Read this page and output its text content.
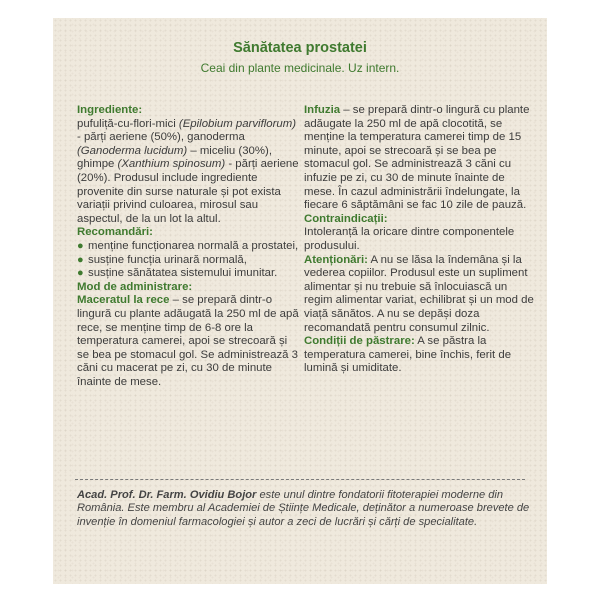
Sănătatea prostatei
Ceai din plante medicinale. Uz intern.

Ingrediente:
pufuliță-cu-flori-mici (Epilobium parviflorum) - părți aeriene (50%), ganoderma (Ganoderma lucidum) – miceliu (30%), ghimpe (Xanthium spinosum) - părți aeriene (20%). Produsul include ingrediente provenite din surse naturale și pot exista variații privind culoarea, mirosul sau aspectul, de la un lot la altul.

Recomandări:

● menține funcționarea normală a prostatei,
● susține funcția urinară normală,
● susține sănătatea sistemului imunitar.

Mod de administrare:

Maceratul la rece – se prepară dintr-o lingură cu plante adăugată la 250 ml de apă rece, se menține timp de 6-8 ore la temperatura camerei, apoi se strecoară și se bea pe stomacul gol. Se administrează 3 căni cu macerat pe zi, cu 30 de minute înainte de mese.

Infuzia – se prepară dintr-o lingură cu plante adăugate la 250 ml de apă clocotită, se menține la temperatura camerei timp de 15 minute, apoi se strecoară și se bea pe stomacul gol. Se administrează 3 căni cu infuzie pe zi, cu 30 de minute înainte de mese. În cazul administrării îndelungate, la fiecare 6 săptămâni se fac 10 zile de pauză.

Contraindicații:

Intoleranță la oricare dintre componentele produsului.

Atenționări: A nu se lăsa la îndemâna și la vederea copiilor. Produsul este un supliment alimentar și nu trebuie să înlocuiască un regim alimentar variat, echilibrat și un mod de viață sănătos. A nu se depăși doza recomandată pentru consumul zilnic.

Condiții de păstrare: A se păstra la temperatura camerei, bine închis, ferit de lumină și umiditate.

Acad. Prof. Dr. Farm. Ovidiu Bojor este unul dintre fondatorii fitoterapiei moderne din România. Este membru al Academiei de Științe Medicale, deținător a numeroase brevete de invenție în domeniul farmacologiei și autor a zeci de lucrări și cărți de specialitate.
